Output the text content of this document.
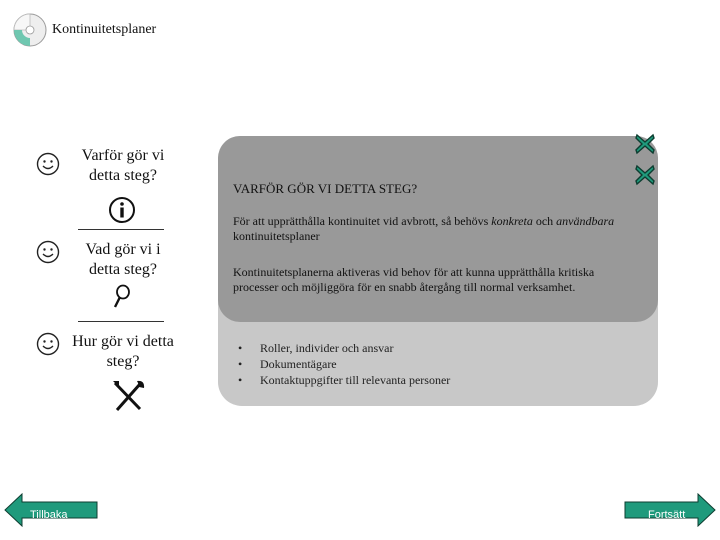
Kontinuitetsplaner
Varför gör vi detta steg?
Vad gör vi i detta steg?
Hur gör vi detta steg?
• Roller, individer och ansvar
• Dokumentägare
• Kontaktuppgifter till relevanta personer
VARFÖR GÖR VI DETTA STEG?
För att upprätthålla kontinuitet vid avbrott, så behövs konkreta och användbara kontinuitetsplaner
Kontinuitetsplanerna aktiveras vid behov för att kunna upprätthålla kritiska processer och möjliggöra för en snabb återgång till normal verksamhet.
Tillbaka	Fortsätt
